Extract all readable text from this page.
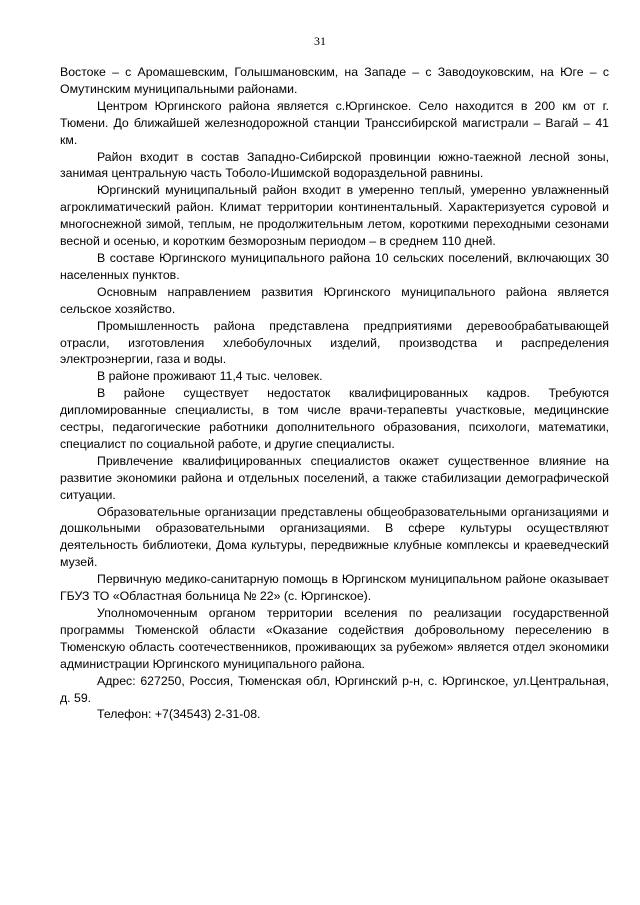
31

Востоке – с Аромашевским, Голышмановским, на Западе – с Заводоуковским, на Юге – с Омутинским муниципальными районами.

Центром Юргинского района является с.Юргинское. Село находится в 200 км от г. Тюмени. До ближайшей железнодорожной станции Транссибирской магистрали – Вагай – 41 км.

Район входит в состав Западно-Сибирской провинции южно-таежной лесной зоны, занимая центральную часть Тоболо-Ишимской водораздельной равнины.

Юргинский муниципальный район входит в умеренно теплый, умеренно увлажненный агроклиматический район. Климат территории континентальный. Характеризуется суровой и многоснежной зимой, теплым, не продолжительным летом, короткими переходными сезонами весной и осенью, и коротким безморозным периодом – в среднем 110 дней.

В составе Юргинского муниципального района 10 сельских поселений, включающих 30 населенных пунктов.

Основным направлением развития Юргинского муниципального района является сельское хозяйство.

Промышленность района представлена предприятиями деревообрабатывающей отрасли, изготовления хлебобулочных изделий, производства и распределения электроэнергии, газа и воды.

В районе проживают 11,4 тыс. человек.

В районе существует недостаток квалифицированных кадров. Требуются дипломированные специалисты, в том числе врачи-терапевты участковые, медицинские сестры, педагогические работники дополнительного образования, психологи, математики, специалист по социальной работе, и другие специалисты.

Привлечение квалифицированных специалистов окажет существенное влияние на развитие экономики района и отдельных поселений, а также стабилизации демографической ситуации.

Образовательные организации представлены общеобразовательными организациями и дошкольными образовательными организациями. В сфере культуры осуществляют деятельность библиотеки, Дома культуры, передвижные клубные комплексы и краеведческий музей.

Первичную медико-санитарную помощь в Юргинском муниципальном районе оказывает ГБУЗ ТО «Областная больница № 22» (с. Юргинское).

Уполномоченным органом территории вселения по реализации государственной программы Тюменской области «Оказание содействия добровольному переселению в Тюменскую область соотечественников, проживающих за рубежом» является отдел экономики администрации Юргинского муниципального района.

Адрес: 627250, Россия, Тюменская обл, Юргинский р-н, с. Юргинское, ул.Центральная, д. 59.

Телефон: +7(34543) 2-31-08.
